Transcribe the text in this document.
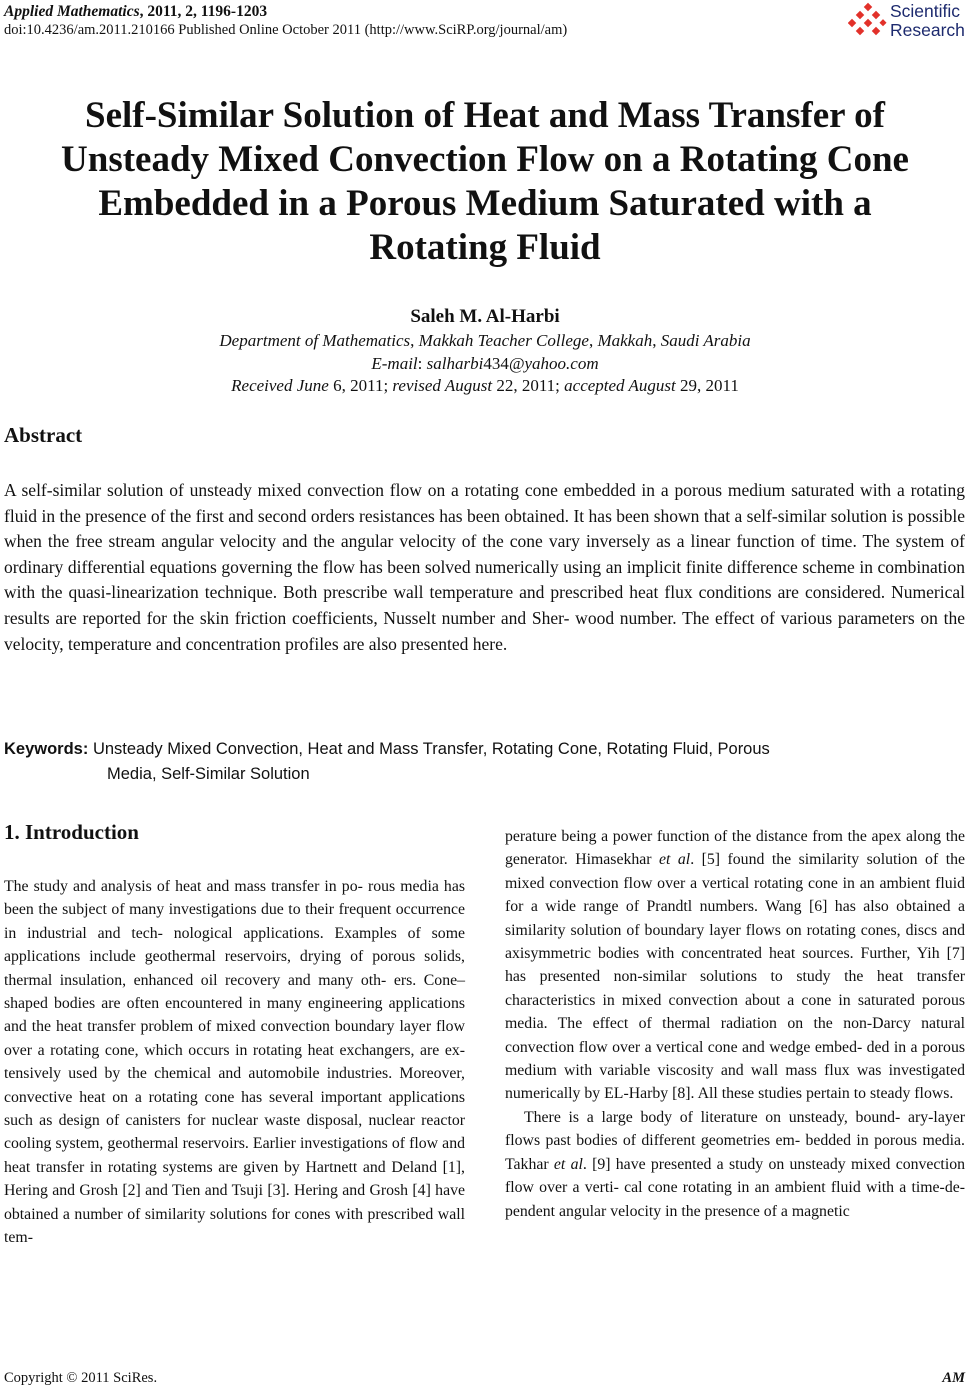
Applied Mathematics, 2011, 2, 1196-1203
doi:10.4236/am.2011.210166 Published Online October 2011 (http://www.SciRP.org/journal/am)
Scientific
Research
Self-Similar Solution of Heat and Mass Transfer of Unsteady Mixed Convection Flow on a Rotating Cone Embedded in a Porous Medium Saturated with a Rotating Fluid
Saleh M. Al-Harbi
Department of Mathematics, Makkah Teacher College, Makkah, Saudi Arabia
E-mail: salharbi434@yahoo.com
Received June 6, 2011; revised August 22, 2011; accepted August 29, 2011
Abstract
A self-similar solution of unsteady mixed convection flow on a rotating cone embedded in a porous medium saturated with a rotating fluid in the presence of the first and second orders resistances has been obtained. It has been shown that a self-similar solution is possible when the free stream angular velocity and the angular velocity of the cone vary inversely as a linear function of time. The system of ordinary differential equations governing the flow has been solved numerically using an implicit finite difference scheme in combination with the quasi-linearization technique. Both prescribe wall temperature and prescribed heat flux conditions are considered. Numerical results are reported for the skin friction coefficients, Nusselt number and Sher- wood number. The effect of various parameters on the velocity, temperature and concentration profiles are also presented here.
Keywords: Unsteady Mixed Convection, Heat and Mass Transfer, Rotating Cone, Rotating Fluid, Porous
Media, Self-Similar Solution
1. Introduction

The study and analysis of heat and mass transfer in po- rous media has been the subject of many investigations due to their frequent occurrence in industrial and tech- nological applications. Examples of some applications include geothermal reservoirs, drying of porous solids, thermal insulation, enhanced oil recovery and many oth- ers. Cone–shaped bodies are often encountered in many engineering applications and the heat transfer problem of mixed convection boundary layer flow over a rotating cone, which occurs in rotating heat exchangers, are ex- tensively used by the chemical and automobile industries. Moreover, convective heat on a rotating cone has several important applications such as design of canisters for nuclear waste disposal, nuclear reactor cooling system, geothermal reservoirs. Earlier investigations of flow and heat transfer in rotating systems are given by Hartnett and Deland [1], Hering and Grosh [2] and Tien and Tsuji [3]. Hering and Grosh [4] have obtained a number of similarity solutions for cones with prescribed wall tem-

perature being a power function of the distance from the apex along the generator. Himasekhar et al. [5] found the similarity solution of the mixed convection flow over a vertical rotating cone in an ambient fluid for a wide range of Prandtl numbers. Wang [6] has also obtained a similarity solution of boundary layer flows on rotating cones, discs and axisymmetric bodies with concentrated heat sources. Further, Yih [7] has presented non-similar solutions to study the heat transfer characteristics in mixed convection about a cone in saturated porous media. The effect of thermal radiation on the non-Darcy natural convection flow over a vertical cone and wedge embed- ded in a porous medium with variable viscosity and wall mass flux was investigated numerically by EL-Harby [8]. All these studies pertain to steady flows.

There is a large body of literature on unsteady, bound- ary-layer flows past bodies of different geometries em- bedded in porous media. Takhar et al. [9] have presented a study on unsteady mixed convection flow over a verti- cal cone rotating in an ambient fluid with a time-de- pendent angular velocity in the presence of a magnetic

Copyright © 2011 SciRes.	AM
